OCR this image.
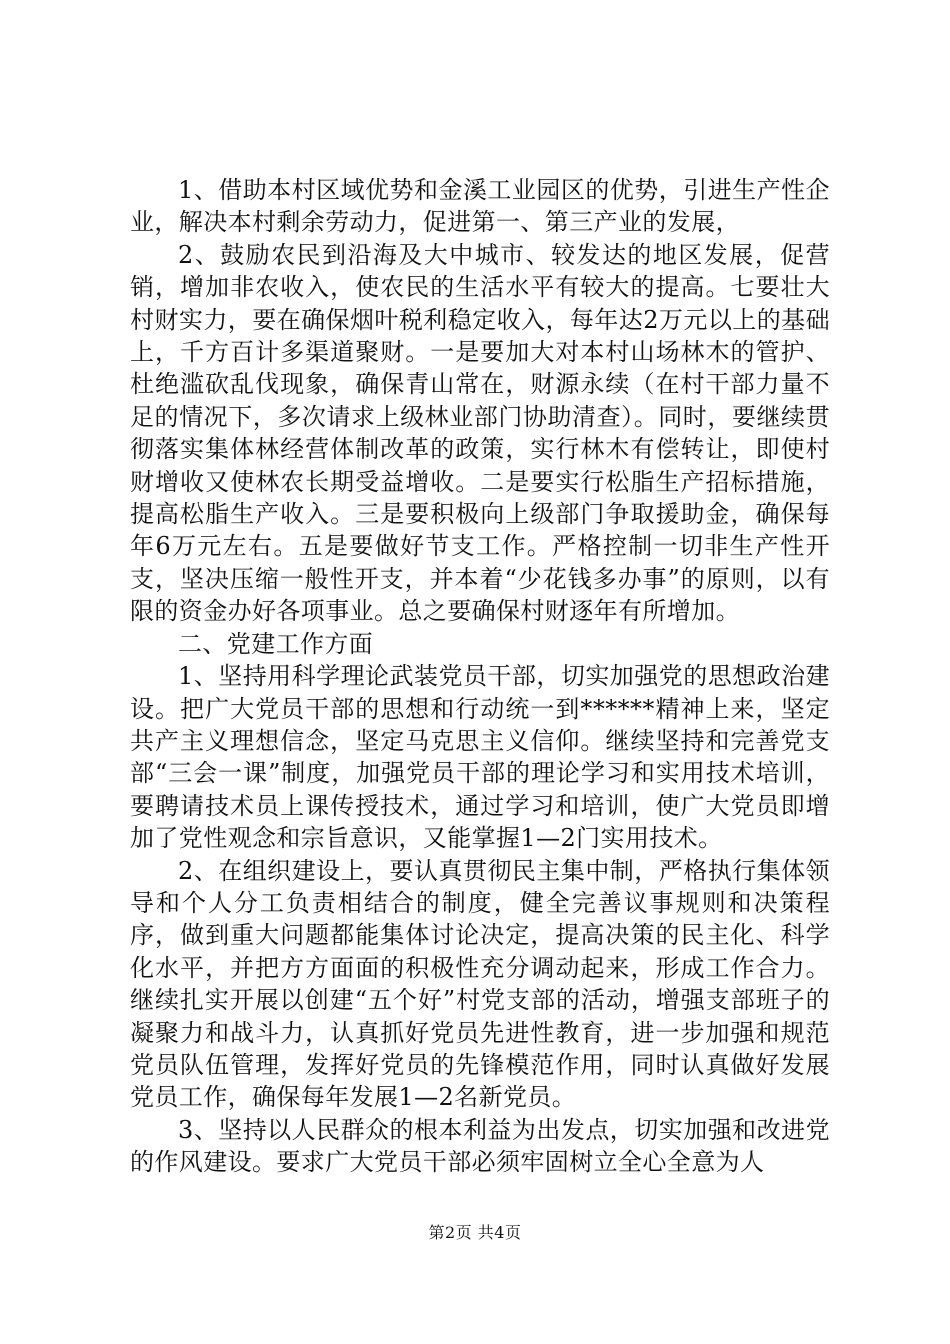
1、借助本村区域优势和金溪工业园区的优势，引进生产性企业，解决本村剩余劳动力，促进第一、第三产业的发展，

2、鼓励农民到沿海及大中城市、较发达的地区发展，促营销，增加非农收入，使农民的生活水平有较大的提高。七要壮大村财实力，要在确保烟叶税利稳定收入，每年达2万元以上的基础上，千方百计多渠道聚财。一是要加大对本村山场林木的管护、杜绝滥砍乱伐现象，确保青山常在，财源永续（在村干部力量不足的情况下，多次请求上级林业部门协助清查）。同时，要继续贯彻落实集体林经营体制改革的政策，实行林木有偿转让，即使村财增收又使林农长期受益增收。二是要实行松脂生产招标措施，提高松脂生产收入。三是要积极向上级部门争取援助金，确保每年6万元左右。五是要做好节支工作。严格控制一切非生产性开支，坚决压缩一般性开支，并本着“少花钱多办事”的原则，以有限的资金办好各项事业。总之要确保村财逐年有所增加。

二、党建工作方面

1、坚持用科学理论武装党员干部，切实加强党的思想政治建设。把广大党员干部的思想和行动统一到******精神上来，坚定共产主义理想信念，坚定马克思主义信仰。继续坚持和完善党支部“三会一课”制度，加强党员干部的理论学习和实用技术培训，要聘请技术员上课传授技术，通过学习和培训，使广大党员即增加了党性观念和宗旨意识，又能掌握1—2门实用技术。

2、在组织建设上，要认真贯彻民主集中制，严格执行集体领导和个人分工负责相结合的制度，健全完善议事规则和决策程序，做到重大问题都能集体讨论决定，提高决策的民主化、科学化水平，并把方方面面的积极性充分调动起来，形成工作合力。继续扎实开展以创建“五个好”村党支部的活动，增强支部班子的凝聚力和战斗力，认真抓好党员先进性教育，进一步加强和规范党员队伍管理，发挥好党员的先锋模范作用，同时认真做好发展党员工作，确保每年发展1—2名新党员。

3、坚持以人民群众的根本利益为出发点，切实加强和改进党的作风建设。要求广大党员干部必须牢固树立全心全意为人

第2页 共4页
